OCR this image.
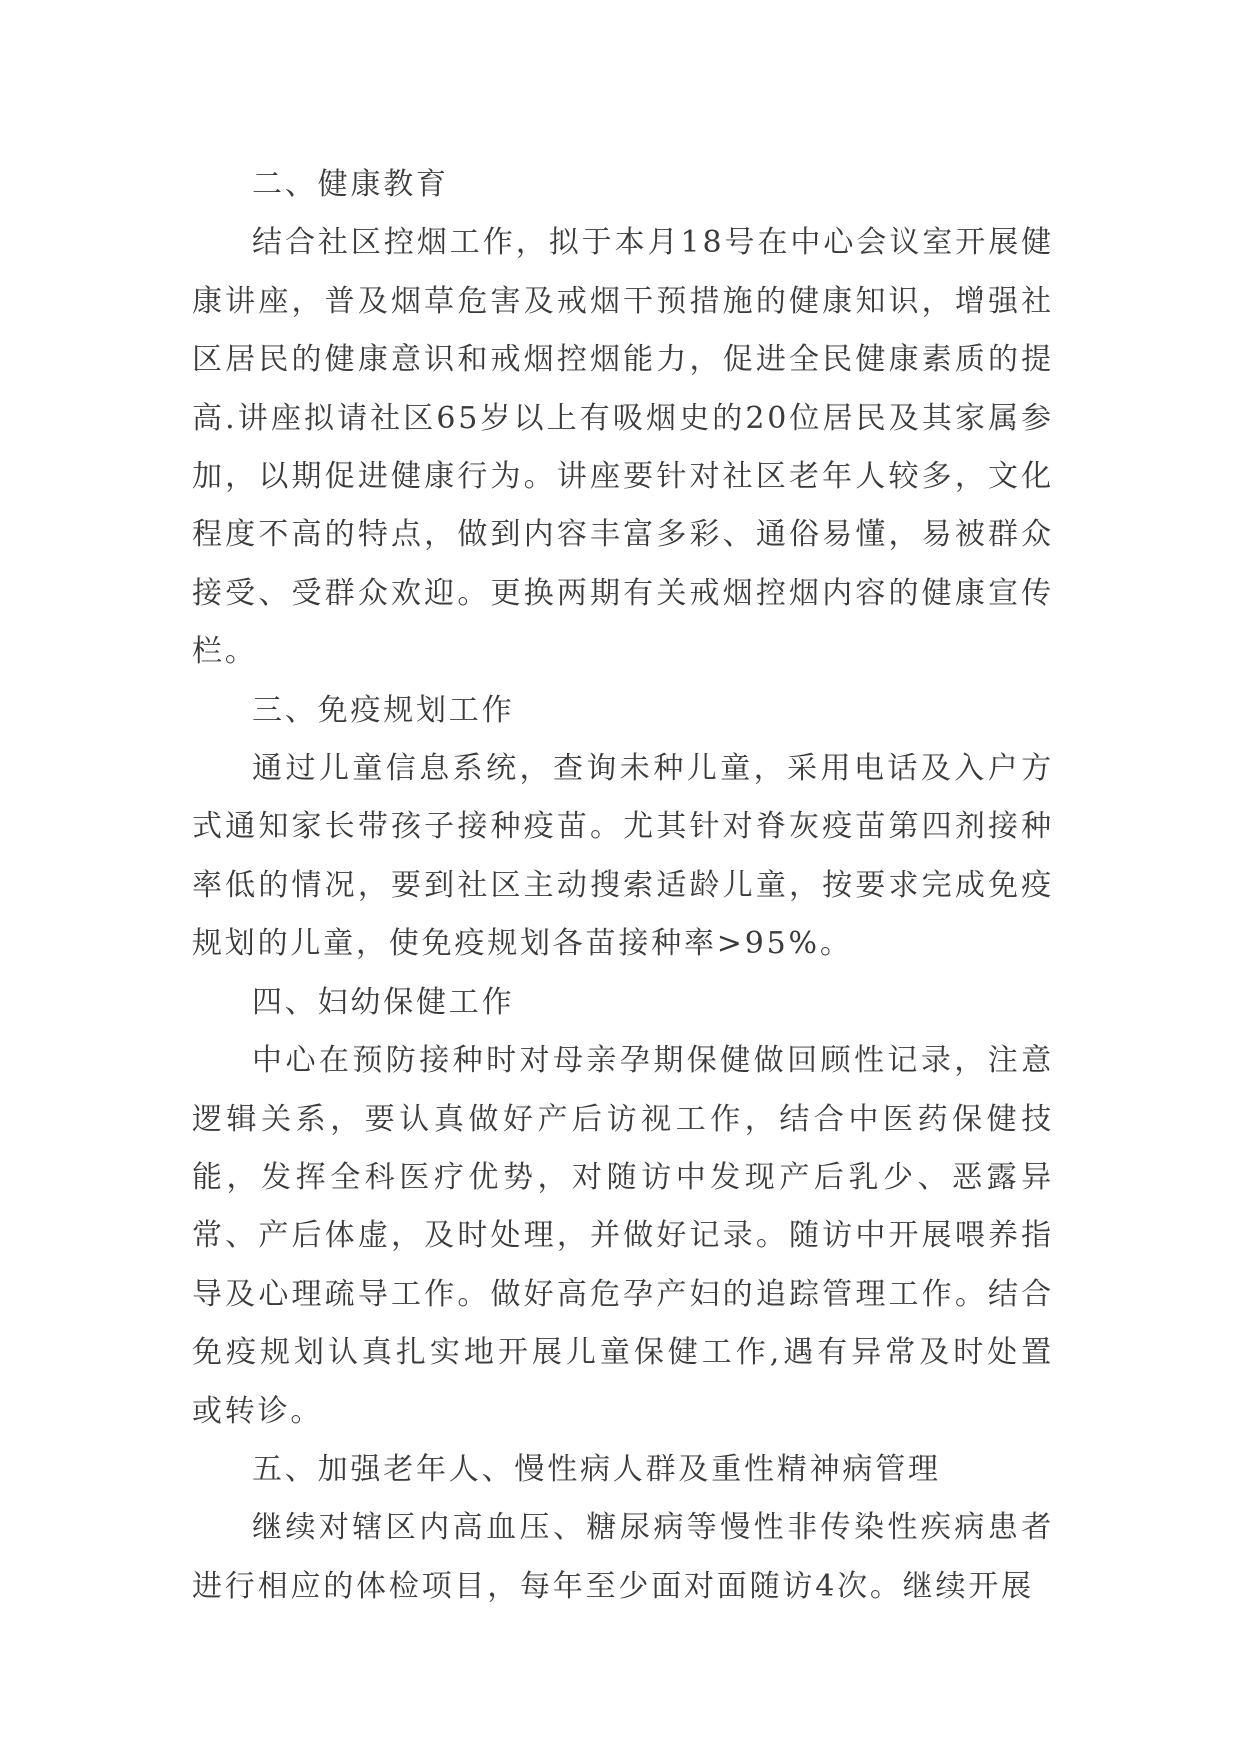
二、健康教育

结合社区控烟工作，拟于本月18号在中心会议室开展健康讲座，普及烟草危害及戒烟干预措施的健康知识，增强社区居民的健康意识和戒烟控烟能力，促进全民健康素质的提高.讲座拟请社区65岁以上有吸烟史的20位居民及其家属参加，以期促进健康行为。讲座要针对社区老年人较多，文化程度不高的特点，做到内容丰富多彩、通俗易懂，易被群众接受、受群众欢迎。更换两期有关戒烟控烟内容的健康宣传栏。

三、免疫规划工作

通过儿童信息系统，查询未种儿童，采用电话及入户方式通知家长带孩子接种疫苗。尤其针对脊灰疫苗第四剂接种率低的情况，要到社区主动搜索适龄儿童，按要求完成免疫规划的儿童，使免疫规划各苗接种率>95%。

四、妇幼保健工作

中心在预防接种时对母亲孕期保健做回顾性记录，注意逻辑关系，要认真做好产后访视工作，结合中医药保健技能，发挥全科医疗优势，对随访中发现产后乳少、恶露异常、产后体虚，及时处理，并做好记录。随访中开展喂养指导及心理疏导工作。做好高危孕产妇的追踪管理工作。结合免疫规划认真扎实地开展儿童保健工作,遇有异常及时处置或转诊。

五、加强老年人、慢性病人群及重性精神病管理

继续对辖区内高血压、糖尿病等慢性非传染性疾病患者进行相应的体检项目，每年至少面对面随访4次。继续开展
